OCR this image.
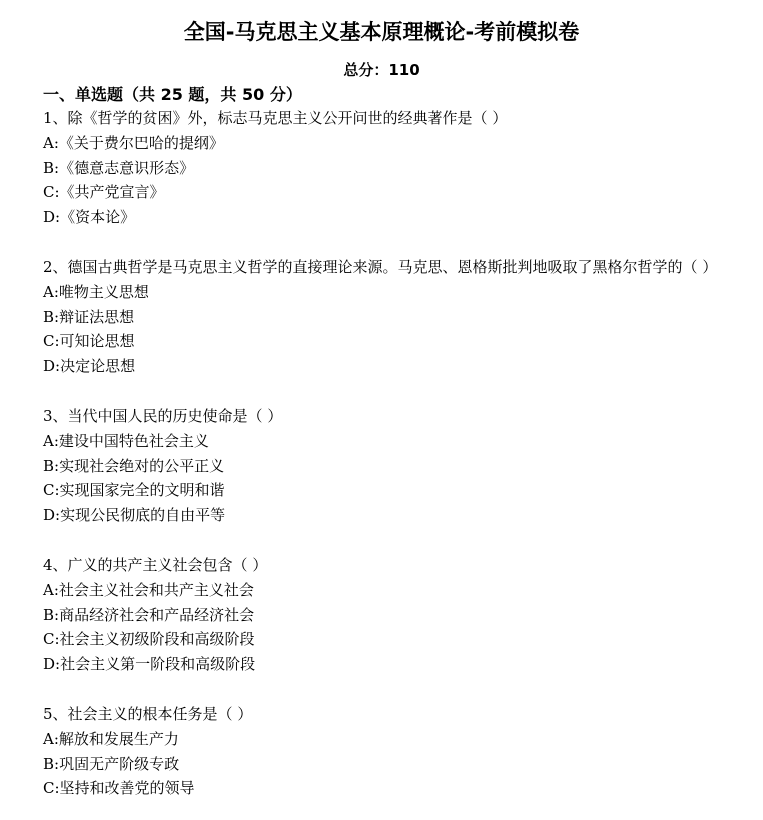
全国-马克思主义基本原理概论-考前模拟卷
总分：110
一、单选题（共 25 题，共 50 分）
1、除《哲学的贫困》外，标志马克思主义公开问世的经典著作是（ ）
A:《关于费尔巴哈的提纲》
B:《德意志意识形态》
C:《共产党宣言》
D:《资本论》
2、德国古典哲学是马克思主义哲学的直接理论来源。马克思、恩格斯批判地吸取了黑格尔哲学的（ ）
A:唯物主义思想
B:辩证法思想
C:可知论思想
D:决定论思想
3、当代中国人民的历史使命是（ ）
A:建设中国特色社会主义
B:实现社会绝对的公平正义
C:实现国家完全的文明和谐
D:实现公民彻底的自由平等
4、广义的共产主义社会包含（ ）
A:社会主义社会和共产主义社会
B:商品经济社会和产品经济社会
C:社会主义初级阶段和高级阶段
D:社会主义第一阶段和高级阶段
5、社会主义的根本任务是（ ）
A:解放和发展生产力
B:巩固无产阶级专政
C:坚持和改善党的领导
